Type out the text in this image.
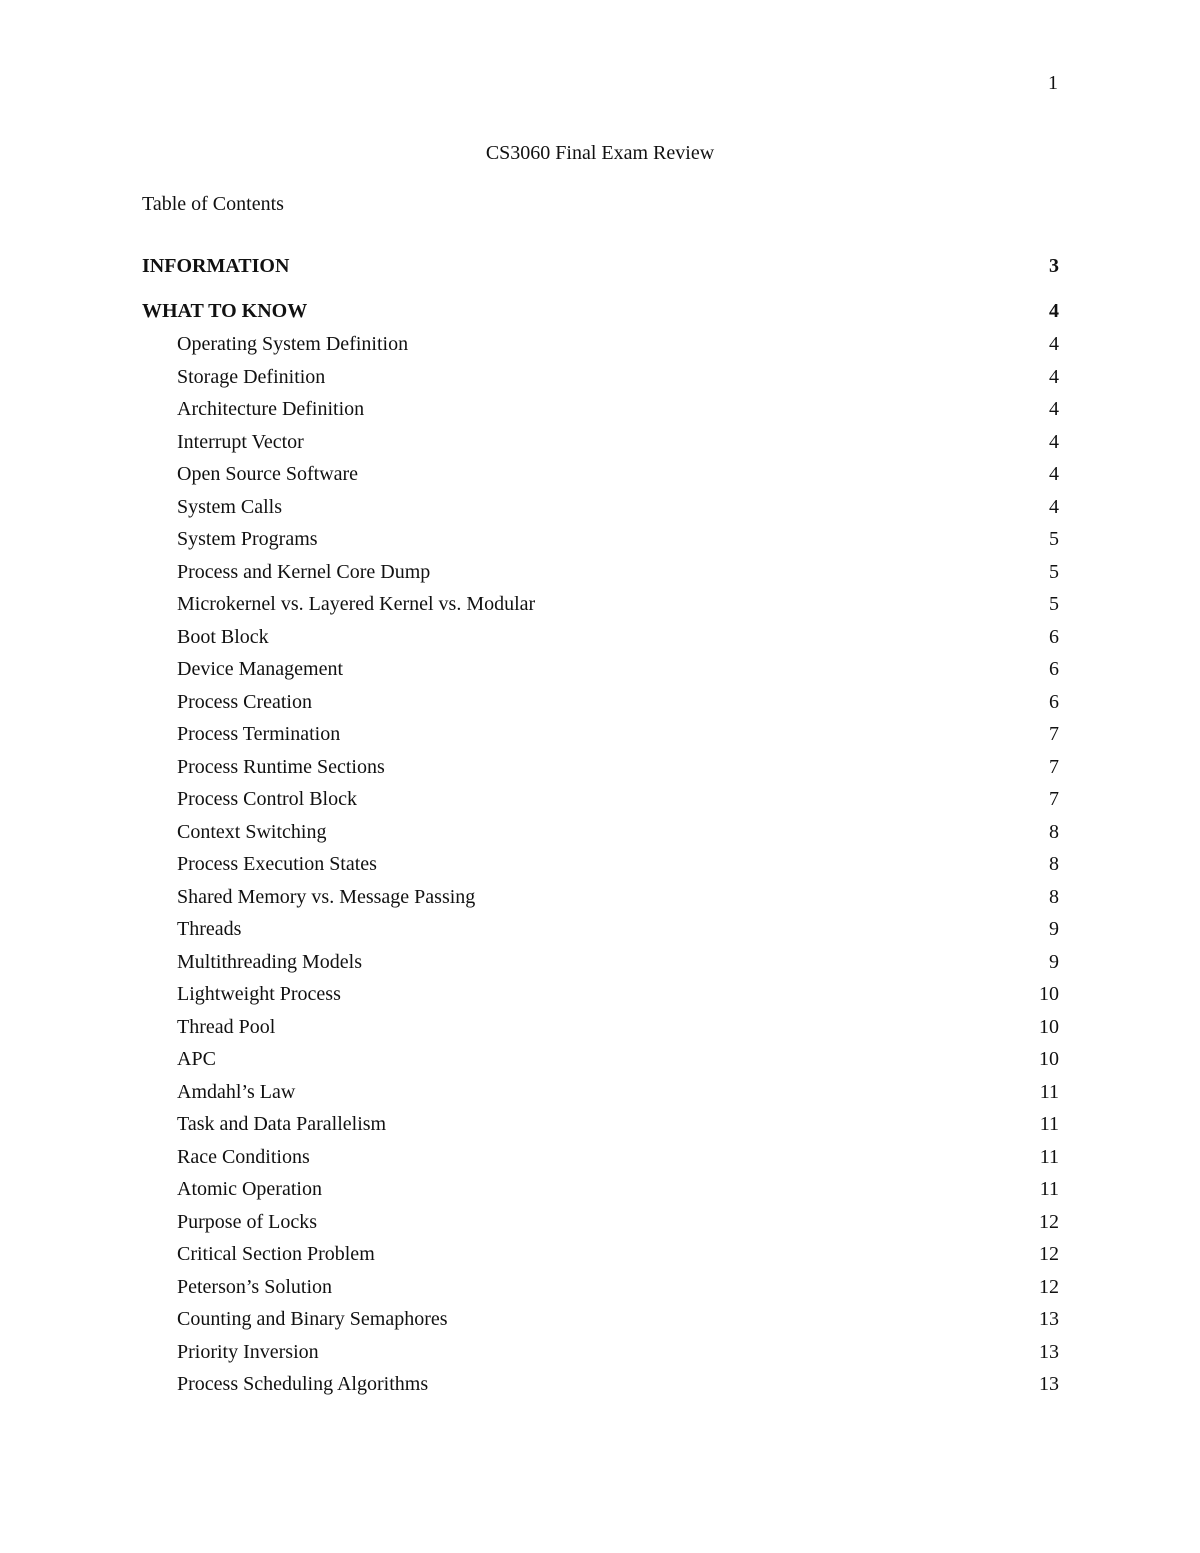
1
CS3060 Final Exam Review
Table of Contents
INFORMATION	3
WHAT TO KNOW	4
Operating System Definition	4
Storage Definition	4
Architecture Definition	4
Interrupt Vector	4
Open Source Software	4
System Calls	4
System Programs	5
Process and Kernel Core Dump	5
Microkernel vs. Layered Kernel vs. Modular	5
Boot Block	6
Device Management	6
Process Creation	6
Process Termination	7
Process Runtime Sections	7
Process Control Block	7
Context Switching	8
Process Execution States	8
Shared Memory vs. Message Passing	8
Threads	9
Multithreading Models	9
Lightweight Process	10
Thread Pool	10
APC	10
Amdahl’s Law	11
Task and Data Parallelism	11
Race Conditions	11
Atomic Operation	11
Purpose of Locks	12
Critical Section Problem	12
Peterson’s Solution	12
Counting and Binary Semaphores	13
Priority Inversion	13
Process Scheduling Algorithms	13
